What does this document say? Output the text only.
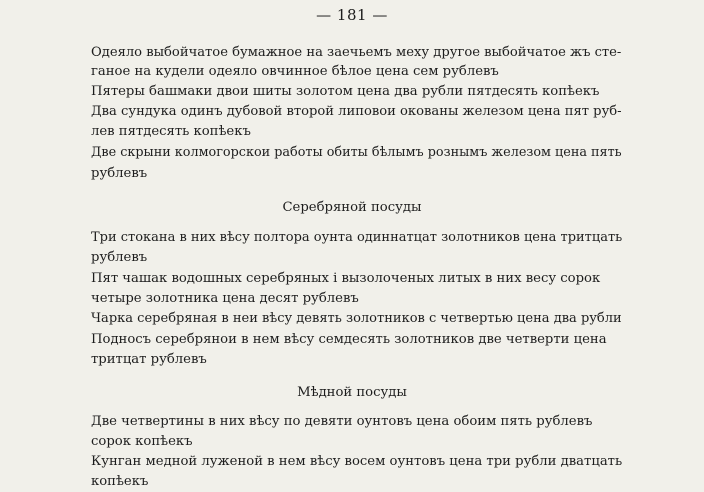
— 181 —
Одеяло выбойчатое бумажное на заечьемъ меху другое выбойчатое жъ сте-
ганое на кудели одеяло овчинное бѣлое цена сем рублевъ
Пятеры башмаки двои шиты золотом цена два рубли пятдесять копѣекъ
Два сундука одинъ дубовой второй липовои окованы железом цена пят руб-
лев пятдесять копѣекъ
Две скрыни колмогорскои работы обиты бѣлымъ рознымъ железом цена пять
рублевъ
Серебряной посуды
Три стокана в них вѣсу полтора оунта одиннатцат золотников цена тритцать
рублевъ
Пят чашак водошных серебряных і вызолоченых литых в них весу сорок
четыре золотника цена десят рублевъ
Чарка серебряная в неи вѣсу девять золотников с четвертью цена два рубли
Подносъ серебрянои в нем вѣсу семдесять золотников две четверти цена
тритцат рублевъ
Мѣдной посуды
Две четвертины в них вѣсу по девяти оунтовъ цена обоим пять рублевъ
сорок копѣекъ
Кунган медной луженой в нем вѣсу восем оунтовъ цена три рубли дватцать
копѣекъ
